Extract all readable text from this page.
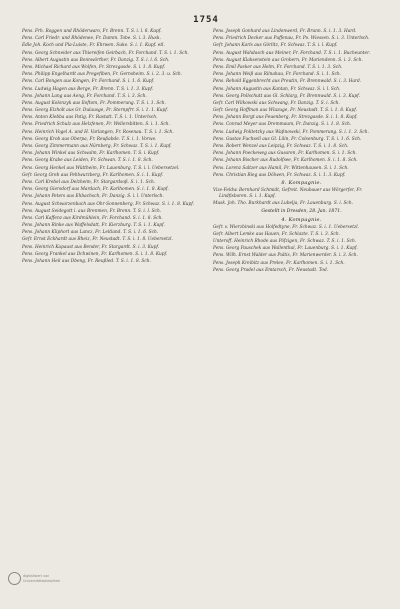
1754
Pens. Frh. Roggen und Rhöderwaro, Fr. Brenn. T. S. i. l. 8. Kupf.
Pens. Carl Friedr. und Rhödenee, Fr. Damm. Tobe. S. i. 3. Husk.
Edle Joh. Koch und Pla-Luiste, Fr. Ehrwen. Suke. S. i. 1. Kupf. etl.
Pens. Georg Schneider aus Thiereifen Geirbach, Fr. Forchand. T. S. i. 1. Sch.
Pens. Albert Augustin aus Bonnwörther, Fr. Danzig. T. S. i. l. 6. Sch.
Pens. Michael Richard aus Wolfen, Fr. Strezgasde. S. i. 1. 8. Kupf.
Pens. Philipp Engelhardt aus Pregefiben, Fr. Gernsheim. S. i. 2. 3. u. Sch.
Pens. Carl Bongen aus Kongen, Fr. Forchand. S. i. 1. 6. Kupf.
Pens. Ludwig Hagen aus Berge, Fr. Brenn. T. S. i. 1. 3. Kupf.
Pens. Johann Lang aus Aeng, Fr. Forchand. T. S. i. 3. Sch.
Pens. August Kolonzyk aus Iloftom, Fr. Pommerung. T. S. i. 1. Sch.
Pens. Georg Elzholt aus Gr. Dulausge, Fr. Sternpfrr. S. i. 1. 1. Kupf.
Pens. Anton Klebba aus Patig, Fr. Rastatt. T. S. i. 1. Unterlsch.
Pens. Friedrich Schulz aus Helzfenen, Fr. Wellersbitten. S. i. 1. Sch.
Pens. Heinrich Vogel A. und H. Varlangen, Fr. Rosenau. T. S. i. 1. Sch.
Pens. Georg Krob aus Oberpa, Fr. Reußabde. T. S. i. 1. Vorwe.
Pens. Georg Zimmermann aus Nürnberg, Fr. Schwaz. T. S. i. 1. Kupf.
Pens. Johann Winkel aus Schwalm, Fr. Karlhomen. T. S. i. Kupf.
Pens. Georg Krabe aus Leiden, Fr. Schwan. T. S. i. 1. 8. Sch.
Pens. Georg Henkel aus Wüttheim, Fr. Lauenburg. T. S. i. l. Uebersetzel.
Gefr. Georg Greb aus Pehlwurzberg, Fr. Karlhomen. S. i. 1. Kupf.
Pens. Carl Krebel aus Delzheim, Fr. Stargardsoß. S. i. 1. Sch.
Pens. Georg Giersdorf aus Mardach, Fr. Karlhomen. S. i. 1. 8. Kupf.
Pens. Johann Peters aus Ehbachsch, Fr. Danzig. S. i. l. Unterlsch.
Pens. August Schwarzenbach aus Ohr-Sonnenberg, Fr. Schwaz. S. i. 1. 8. Kupf.
Pens. August Seidegott i. aus Brenmen, Fr. Brenn. T. S. i. l. Sch.
Pens. Carl Kaffenz aus Kirdmühlein, Fr. Forchand. S. i. 1. 8. Sch.
Pens. Johann Rinke aus Waffelsdatt, Fr. Kierzburg. T. S. i. 1. Kupf.
Pens. Johann Kliphort aus Lancz, Fr. Leitland. T. S. i. 1. 6. Sch.
Gefr. Ernst Eckhardt aus Rheiz, Fr. Neustadt. T. S. i. 1. 8. Uebersetzl.
Pens. Heinrich Kapaust aus Bender, Fr. Stargardt. S. i. 3. Kupf.
Pens. Georg Frankel aus Dchwinen, Fr. Karlhomen. S. i. 1. 8. Kupf.
Pens. Johann Heil aus Dbeng, Fr. Reußled. T. S. i. 1. 8. Sch.
Pens. Joseph Gonhard aus Lindenwerd, Fr. Brunn. S. i. 1. 3. Hard.
Pens. Friedrich Decker aus Puffenau, Fr. Po. Wiessen. S. i. 3. Unterlsch.
Gefr. Johann Karls aus Görlitz, Fr. Schwaz. T. S. i. l. Kupf.
Pens. August Wahdasch aus Meiner, Fr. Forchand. T. S. i. 1. Bucheunter.
Pens. August Klaksenstein aus Grobern, Fr. Mariendenn. S. i. 3. Sch.
Pens. Emil Pasker aus Helm, Fr. Forchand. T. S. i. 1. 3. Sch.
Pens. Johann Weiß aus Rilnahau, Fr. Forchand. S. i. 1. Sch.
Pens. Rehold Eggenbrecht aus Preutin, Fr. Brennwald. S. i. 3. Hard.
Pens. Johann Augustin aus Kantan, Fr. Schwaz. S. i. l. Sch.
Pens. Georg Pollschutt aus Gl. Schlarg, Fr. Brennwald. S. i. 3. Kupf.
Gefr. Carl Wilkowski aus Schwang, Fr. Danzig. T. S. i. Sch.
Gefr. Georg Hoffman aus Wlazuge, Fr. Neustadt. T. S. i. 1. 8. Kupf.
Pens. Johann Borgt aus Feuenberg, Fr. Strezgasde. S. i. 1. 8. Kupf.
Pens. Conrad Meyer aus Dremmaum, Fr. Danzig. S. i. 1. 8. Sch.
Pens. Ludwig Politetzky aus Waßnowski, Fr. Pommerung. S. i. 1. 3. Sch.
Pens. Gustav Fuchsell aus Gl. Lilin, Fr. Colsenburg. T. S. i. 1. 6. Sch.
Pens. Robert Wenzel aus Leipzig, Fr. Schwaz. T. S. i. 1. 8. Sch.
Pens. Johann Poeckeweg aus Gusaren, Fr. Karlhomen. S. i. 1. Sch.
Pens. Johann Bischer aus Rudolfsee, Fr. Karlhomen. S. i. 1. 8. Sch.
Pens. Lorenz Saltzer aus Hamil, Fr. Wittenhausen. S. i. 1. Sch.
Pens. Christian Rieg aus Dölwen, Fr. Schwaz. S. i. 1. 3. Kupf.
8. Kompagnie.
Vize-Feldw. Bernhard Schmidt, Gefreit. Neubauer aus Wörgerfer, Fr. Lindfisboren. S. i. 1. Kupf.
Musk. Joh. Tho. Burkhardt aus Lubelja, Fr. Lauenburg. S. i. Sch.
Gestellt in Dresden, 28. Jan. 1871.
4. Kompagnie.
Gefr. v. Wierzbinski aus Holfedtyne, Fr. Schwaz. S. i. 1. Uebersetzl.
Gefr. Albert Lemke aus Hauen, Fr. Schlazte. T. S. i. 3. Sch.
Unteroff. Heinrich Rhode aus Pöfzigen, Fr. Schwaz. T. S. i. 1. Sch.
Pens. Georg Pauschek aus Wallenthal, Fr. Lauenburg. S. i. 1. Kupf.
Pens. Wilh. Ernst Walder aus Pultis, Fr. Marienwerder. S. i. 3. Sch.
Pens. Joseph Kreibitz aus Prelee, Fr. Karlhomen. S. i. 1. Sch.
Pens. Georg Pradel aus Emtarsch, Fr. Neustadt. Tod.
digitalisiert von
Universitätsbibliothek
